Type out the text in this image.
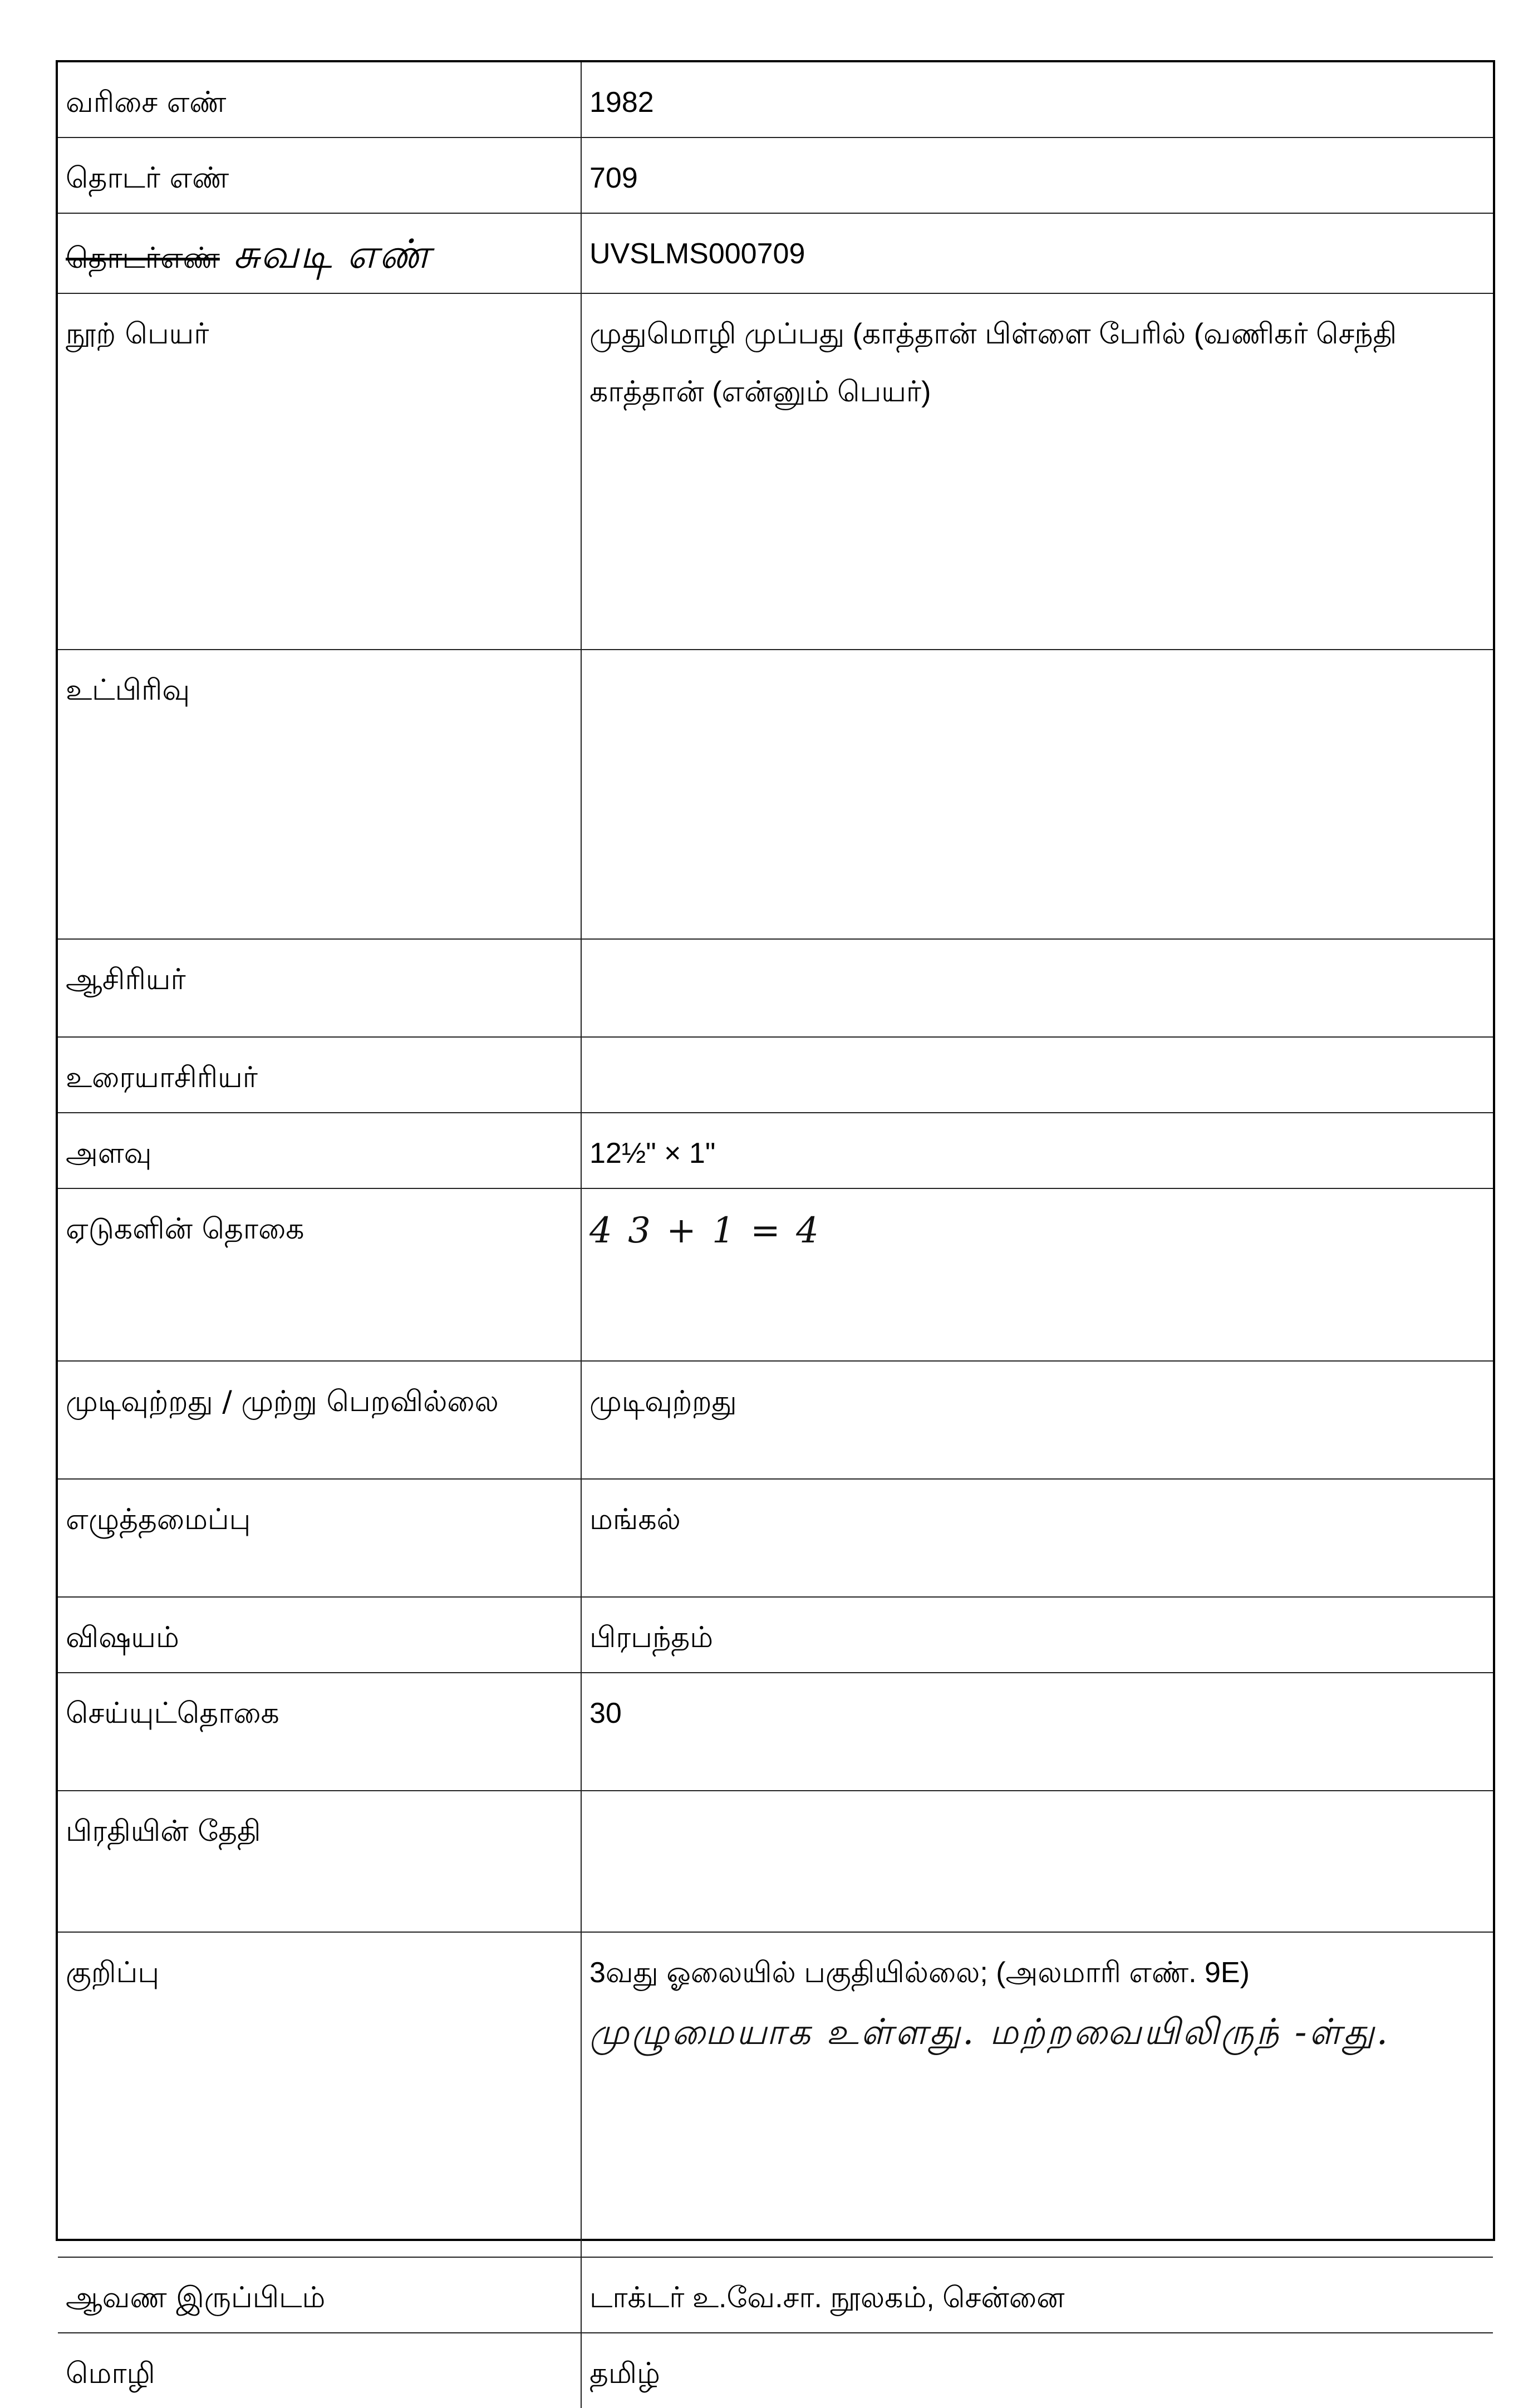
வரிசை எண்	1982
தொடர் எண்	709
தொடர்எண் சுவடி எண்	UVSLMS000709
நூற் பெயர்	முதுமொழி முப்பது (காத்தான் பிள்ளை பேரில் (வணிகர் செந்தி காத்தான் (என்னும் பெயர்)
உட்பிரிவு	
ஆசிரியர்	
உரையாசிரியர்	
அளவு	12½" × 1"
ஏடுகளின் தொகை	4 3 + 1 = 4

முடிவுற்றது / முற்று பெறவில்லை	முடிவுற்றது
எழுத்தமைப்பு	மங்கல்
விஷயம்	பிரபந்தம்
செய்யுட்தொகை	30
பிரதியின் தேதி	
குறிப்பு	3வது ஓலையில் பகுதியில்லை; (அலமாரி எண். 9E)
முழுமையாக உள்ளது. மற்றவையிலிருந் -ள்து.

ஆவண இருப்பிடம்	டாக்டர் உ.வே.சா. நூலகம், சென்னை
மொழி	தமிழ்
